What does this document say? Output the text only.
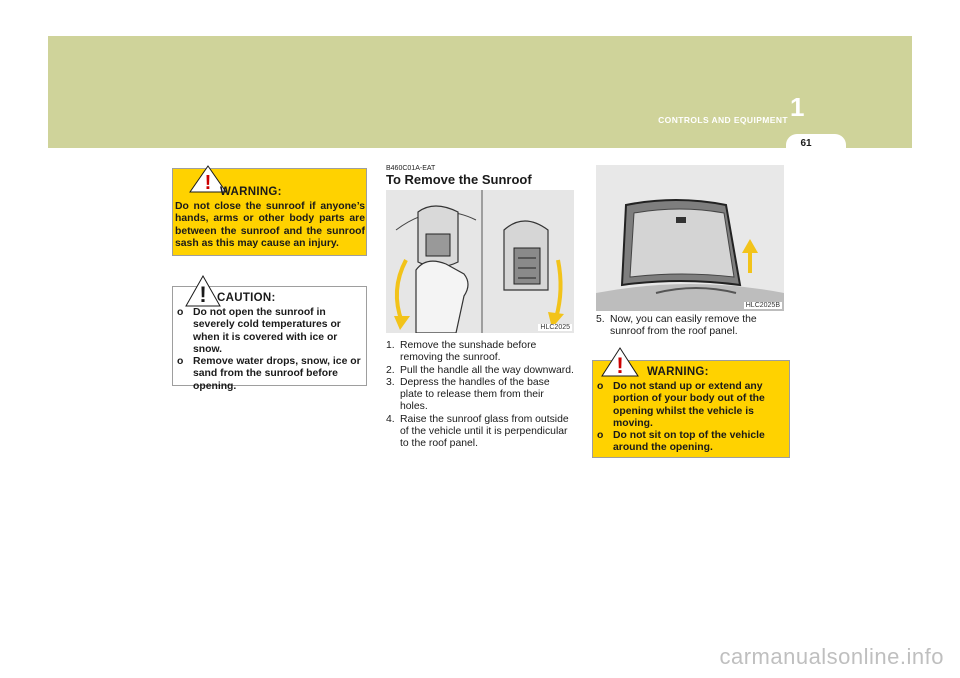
CONTROLS AND EQUIPMENT 1
61
! WARNING:
Do not close the sunroof if anyone’s hands, arms or other body parts are between the sunroof and the sunroof sash as this may cause an injury.
! CAUTION:
o Do not open the sunroof in severely cold temperatures or when it is covered with ice or snow.
o Remove water drops, snow, ice or sand from the sunroof before opening.
B460C01A-EAT
To Remove the Sunroof
HLC2025
1. Remove the sunshade before removing the sunroof.
2. Pull the handle all the way downward.
3. Depress the handles of the base plate to release them from their holes.
4. Raise the sunroof glass from outside of the vehicle until it is perpendicular to the roof panel.
HLC2025B
5. Now, you can easily remove the sunroof from the roof panel.
! WARNING:
o Do not stand up or extend any portion of your body out of the opening whilst the vehicle is moving.
o Do not sit on top of the vehicle around the opening.
carmanualsonline.info
